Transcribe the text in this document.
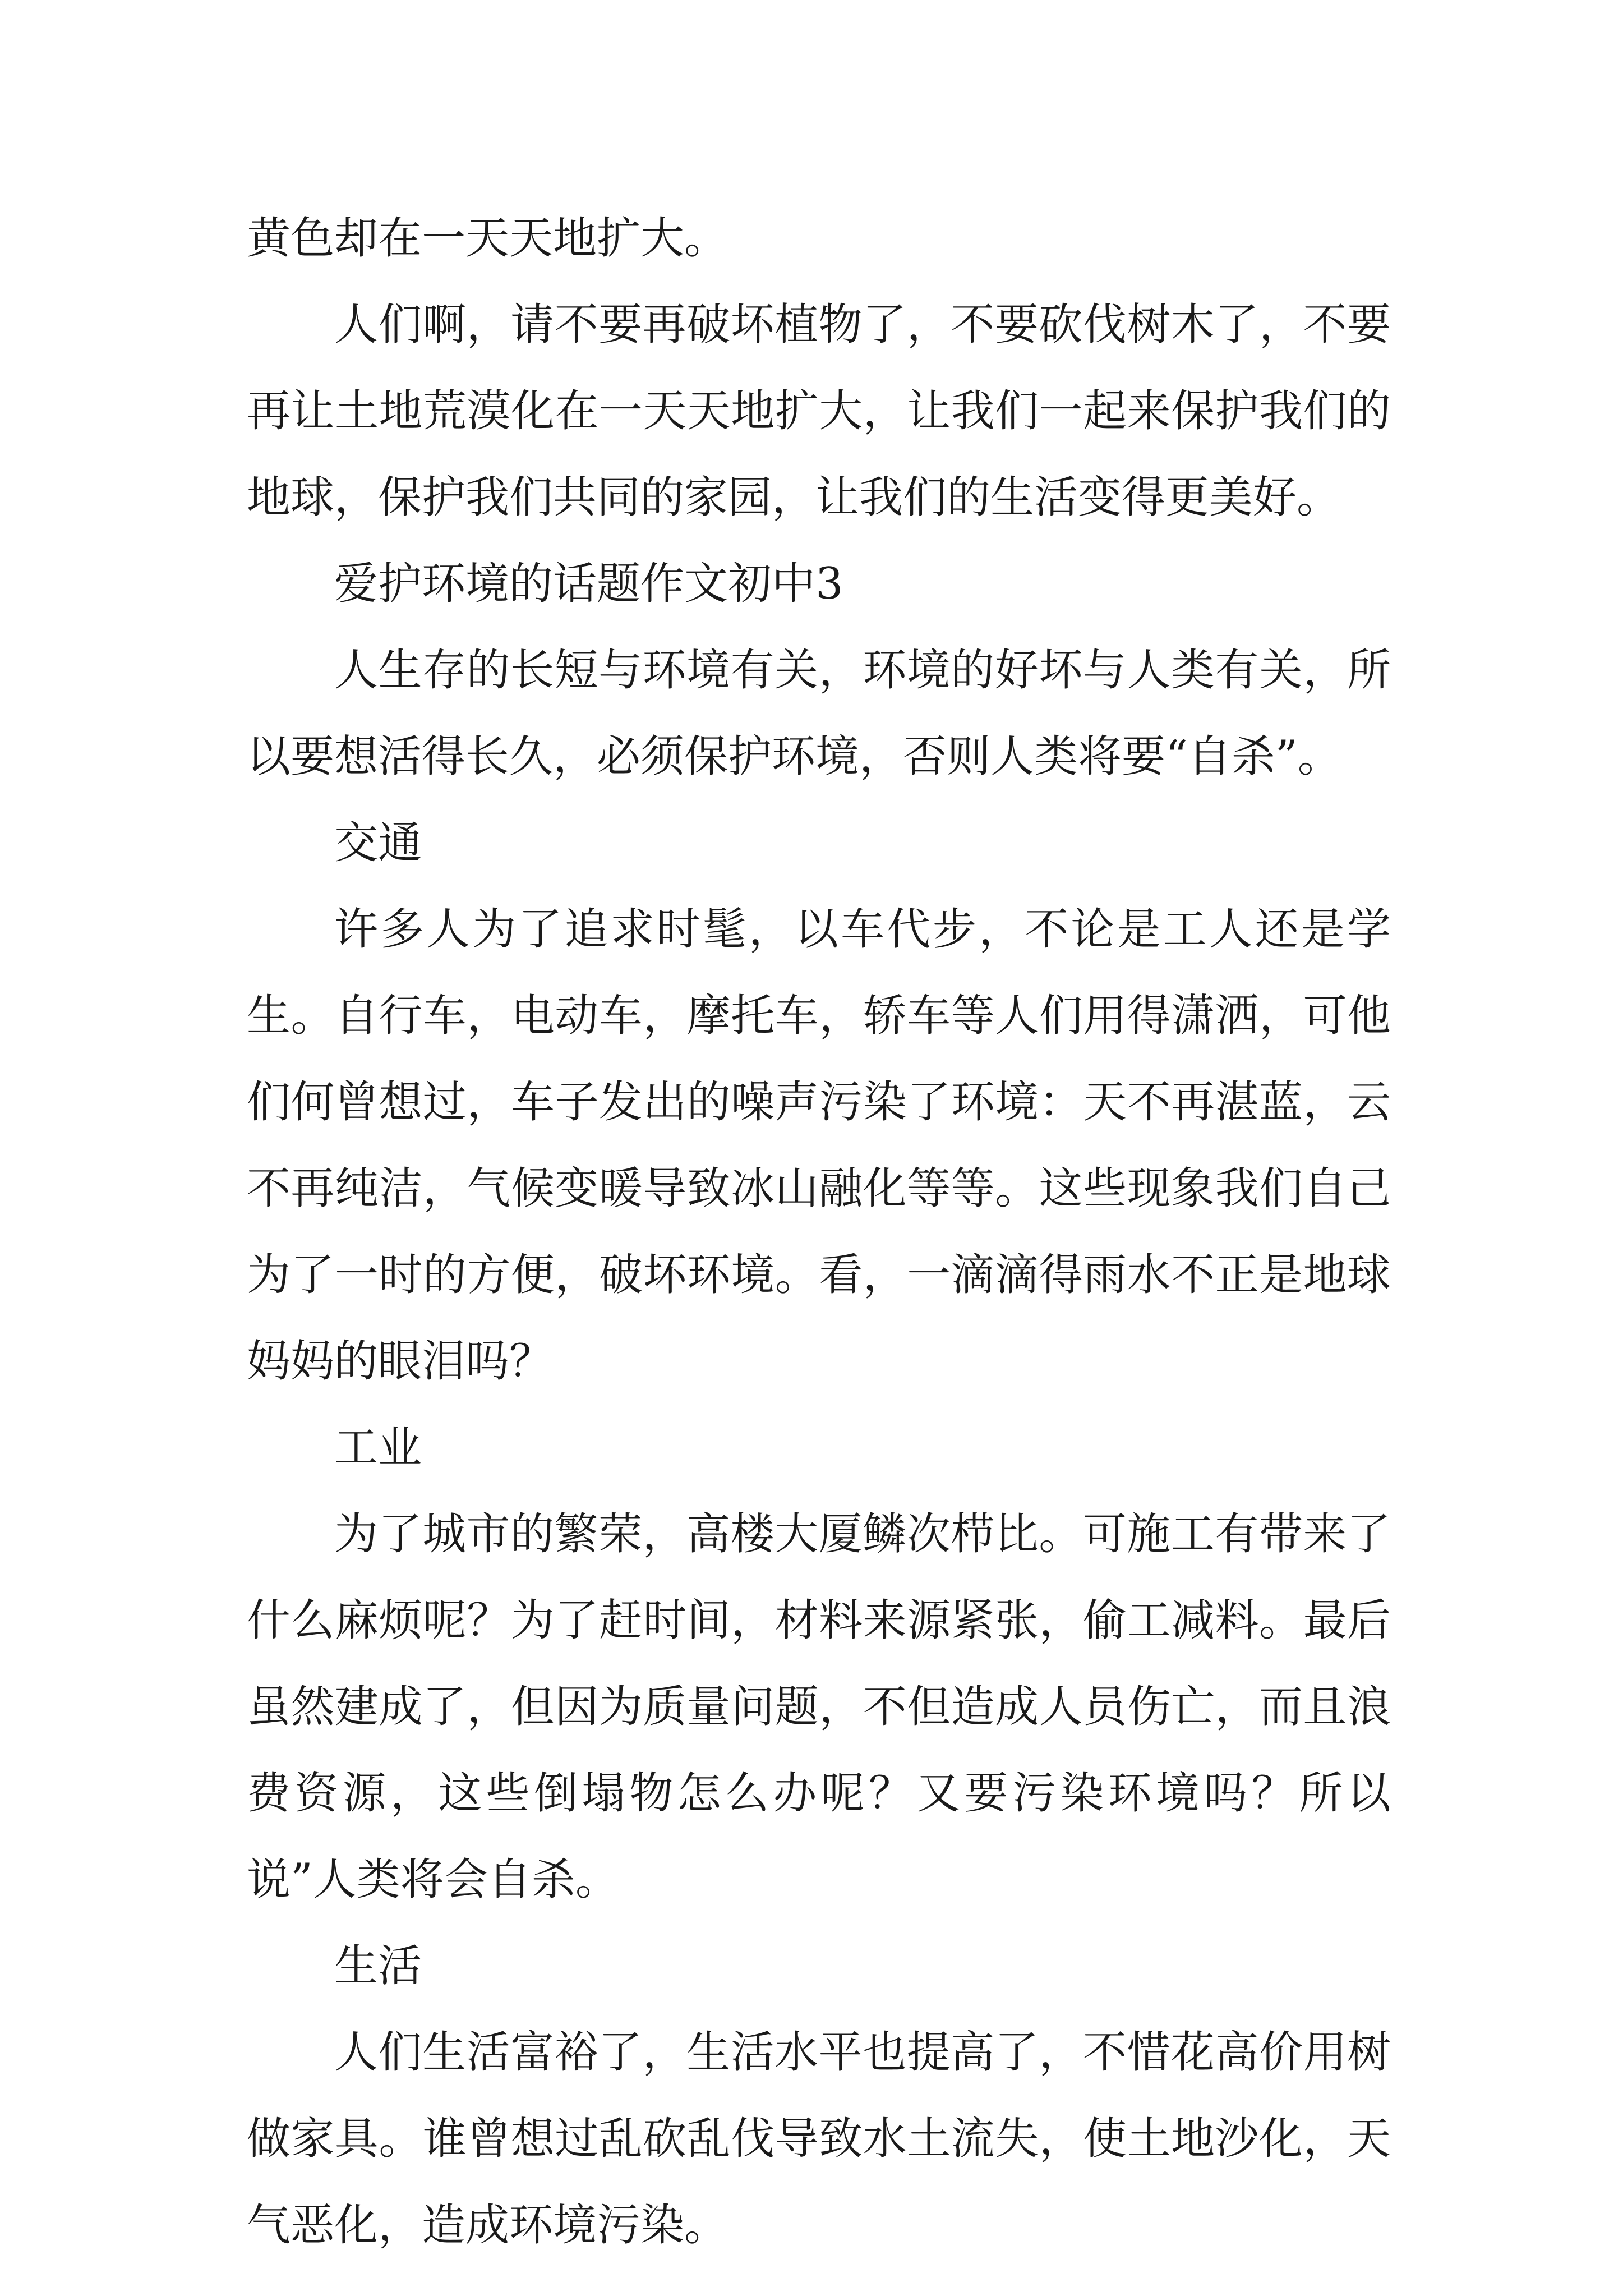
黄色却在一天天地扩大。

人们啊，请不要再破坏植物了，不要砍伐树木了，不要再让土地荒漠化在一天天地扩大，让我们一起来保护我们的地球，保护我们共同的家园，让我们的生活变得更美好。

爱护环境的话题作文初中3

人生存的长短与环境有关，环境的好坏与人类有关，所以要想活得长久，必须保护环境，否则人类将要“自杀”。

交通

许多人为了追求时髦，以车代步，不论是工人还是学生。自行车，电动车，摩托车，轿车等人们用得潇洒，可他们何曾想过，车子发出的噪声污染了环境：天不再湛蓝，云不再纯洁，气候变暖导致冰山融化等等。这些现象我们自己为了一时的方便，破坏环境。看，一滴滴得雨水不正是地球妈妈的眼泪吗？

工业

为了城市的繁荣，高楼大厦鳞次栉比。可施工有带来了什么麻烦呢？为了赶时间，材料来源紧张，偷工减料。最后虽然建成了，但因为质量问题，不但造成人员伤亡，而且浪费资源，这些倒塌物怎么办呢？又要污染环境吗？所以说”人类将会自杀。

生活

人们生活富裕了，生活水平也提高了，不惜花高价用树做家具。谁曾想过乱砍乱伐导致水土流失，使土地沙化，天气恶化，造成环境污染。
